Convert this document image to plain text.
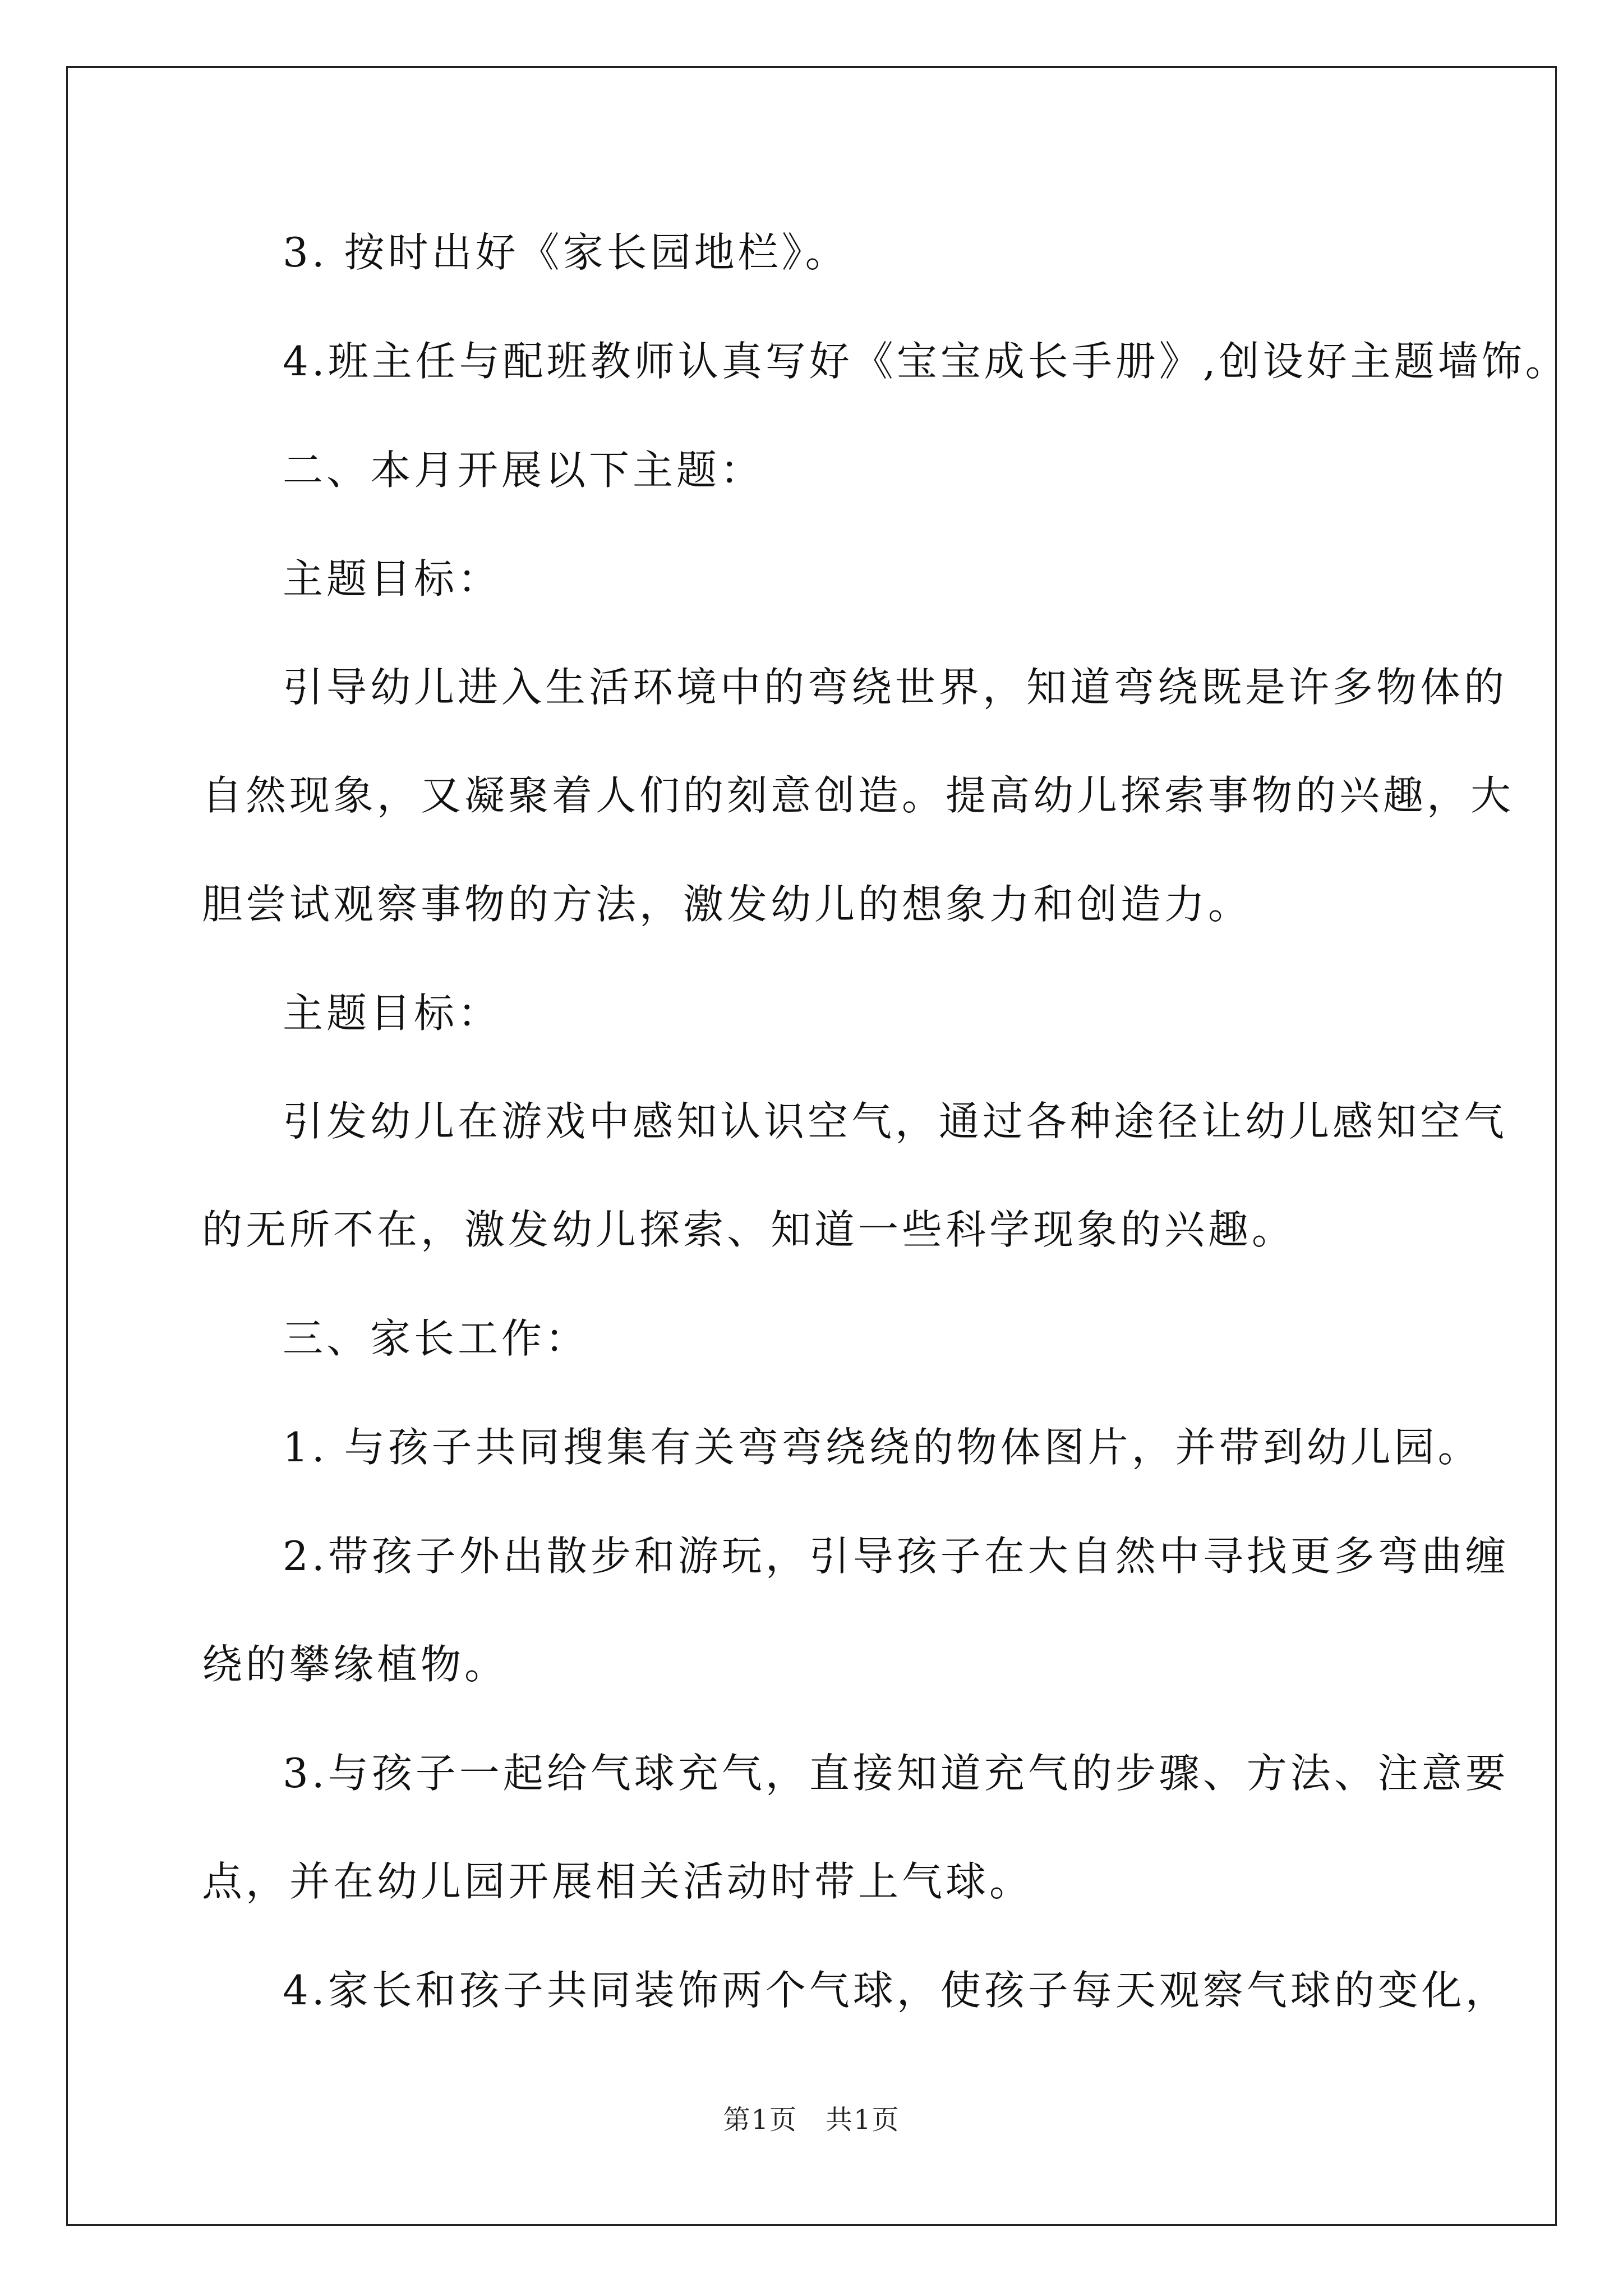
3. 按时出好《家长园地栏》。

4.班主任与配班教师认真写好《宝宝成长手册》,创设好主题墙饰。

二、本月开展以下主题：

主题目标：

引导幼儿进入生活环境中的弯绕世界，知道弯绕既是许多物体的

自然现象，又凝聚着人们的刻意创造。提高幼儿探索事物的兴趣，大

胆尝试观察事物的方法，激发幼儿的想象力和创造力。

主题目标：

引发幼儿在游戏中感知认识空气，通过各种途径让幼儿感知空气

的无所不在，激发幼儿探索、知道一些科学现象的兴趣。

三、家长工作：

1. 与孩子共同搜集有关弯弯绕绕的物体图片，并带到幼儿园。

2.带孩子外出散步和游玩，引导孩子在大自然中寻找更多弯曲缠

绕的攀缘植物。

3.与孩子一起给气球充气，直接知道充气的步骤、方法、注意要

点，并在幼儿园开展相关活动时带上气球。

4.家长和孩子共同装饰两个气球，使孩子每天观察气球的变化，

第1页　共1页
